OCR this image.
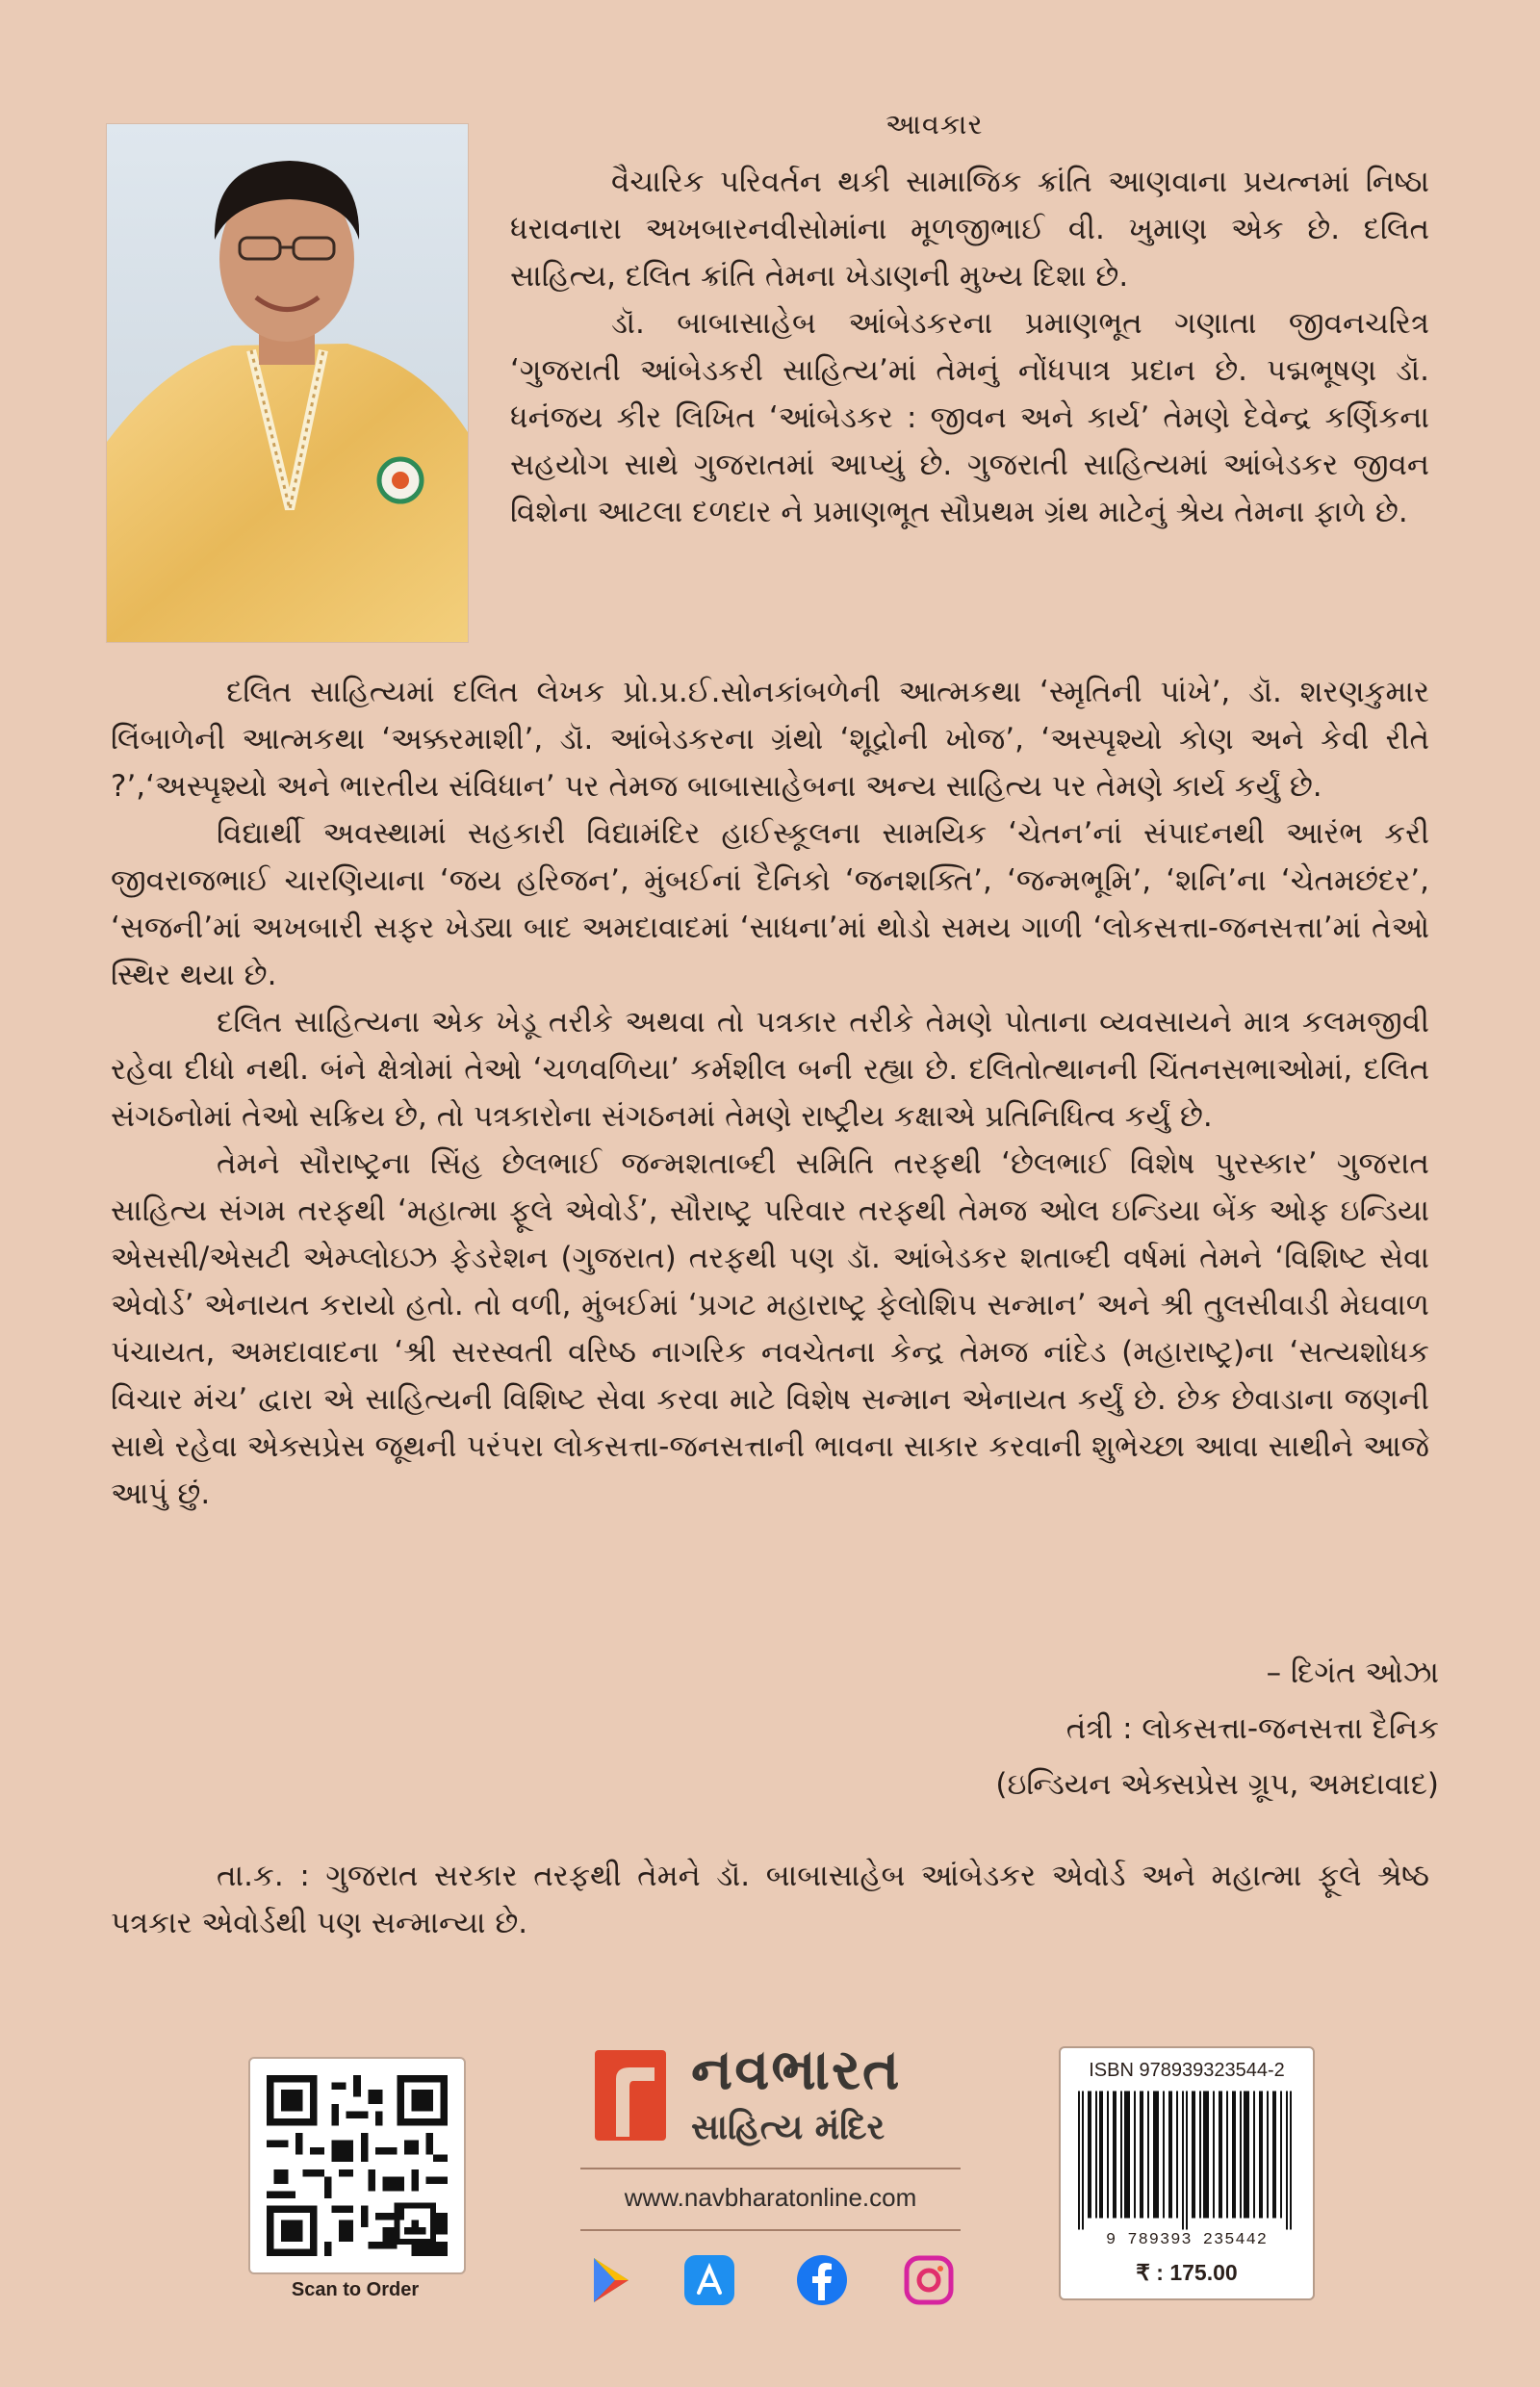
આવકાર

વૈચારિક પરિવર્તન થકી સામાજિક ક્રાંતિ આણવાના પ્રયત્નમાં નિષ્ઠા ધરાવનારા અખબારનવીસોમાંના મૂળજીભાઈ વી. ખુમાણ એક છે. દલિત સાહિત્ય, દલિત ક્રાંતિ તેમના ખેડાણની મુખ્ય દિશા છે.

ડૉ. બાબાસાહેબ આંબેડકરના પ્રમાણભૂત ગણાતા જીવનચરિત્ર ‘ગુજરાતી આંબેડકરી સાહિત્ય’માં તેમનું નોંધપાત્ર પ્રદાન છે. પદ્મભૂષણ ડૉ. ધનંજય કીર લિખિત ‘આંબેડકર : જીવન અને કાર્ય’ તેમણે દેવેન્દ્ર કર્ણિકના સહયોગ સાથે ગુજરાતમાં આપ્યું છે. ગુજરાતી સાહિત્યમાં આંબેડકર જીવન વિશેના આટલા દળદાર ને પ્રમાણભૂત સૌપ્રથમ ગ્રંથ માટેનું શ્રેય તેમના ફાળે છે.

દલિત સાહિત્યમાં દલિત લેખક પ્રો.પ્ર.ઈ.સોનકાંબળેની આત્મકથા ‘સ્મૃતિની પાંખે’, ડૉ. શરણકુમાર લિંબાળેની આત્મકથા ‘અક્કરમાશી’, ડૉ. આંબેડકરના ગ્રંથો ‘શૂદ્રોની ખોજ’, ‘અસ્પૃશ્યો કોણ અને કેવી રીતે ?’,‘અસ્પૃશ્યો અને ભારતીય સંવિધાન’ પર તેમજ બાબાસાહેબના અન્ય સાહિત્ય પર તેમણે કાર્ય કર્યું છે.

વિદ્યાર્થી અવસ્થામાં સહકારી વિદ્યામંદિર હાઈસ્કૂલના સામયિક ‘ચેતન’નાં સંપાદનથી આરંભ કરી જીવરાજભાઈ ચારણિયાના ‘જય હરિજન’, મુંબઈનાં દૈનિકો ‘જનશક્તિ’, ‘જન્મભૂમિ’, ‘શનિ’ના ‘ચેતમછંદર’, ‘સજની’માં અખબારી સફર ખેડ્યા બાદ અમદાવાદમાં ‘સાધના’માં થોડો સમય ગાળી ‘લોકસત્તા-જનસત્તા’માં તેઓ સ્થિર થયા છે.

દલિત સાહિત્યના એક ખેડૂ તરીકે અથવા તો પત્રકાર તરીકે તેમણે પોતાના વ્યવસાયને માત્ર કલમજીવી રહેવા દીધો નથી. બંને ક્ષેત્રોમાં તેઓ ‘ચળવળિયા’ કર્મશીલ બની રહ્યા છે. દલિતોત્થાનની ચિંતનસભાઓમાં, દલિત સંગઠનોમાં તેઓ સક્રિય છે, તો પત્રકારોના સંગઠનમાં તેમણે રાષ્ટ્રીય કક્ષાએ પ્રતિનિધિત્વ કર્યું છે.

તેમને સૌરાષ્ટ્રના સિંહ છેલભાઈ જન્મશતાબ્દી સમિતિ તરફથી ‘છેલભાઈ વિશેષ પુરસ્કાર’ ગુજરાત સાહિત્ય સંગમ તરફથી ‘મહાત્મા ફૂલે એવોર્ડ’, સૌરાષ્ટ્ર પરિવાર તરફથી તેમજ ઓલ ઇન્ડિયા બેંક ઓફ ઇન્ડિયા એસસી/એસટી એમ્પ્લોઇઝ ફેડરેશન (ગુજરાત) તરફથી પણ ડૉ. આંબેડકર શતાબ્દી વર્ષમાં તેમને ‘વિશિષ્ટ સેવા એવોર્ડ’ એનાયત કરાયો હતો. તો વળી, મુંબઈમાં ‘પ્રગટ મહારાષ્ટ્ર ફેલોશિપ સન્માન’ અને શ્રી તુલસીવાડી મેઘવાળ પંચાયત, અમદાવાદના ‘શ્રી સરસ્વતી વરિષ્ઠ નાગરિક નવચેતના કેન્દ્ર તેમજ નાંદેડ (મહારાષ્ટ્ર)ના ‘સત્યશોધક વિચાર મંચ’ દ્વારા એ સાહિત્યની વિશિષ્ટ સેવા કરવા માટે વિશેષ સન્માન એનાયત કર્યું છે. છેક છેવાડાના જણની સાથે રહેવા એક્સપ્રેસ જૂથની પરંપરા લોકસત્તા-જનસત્તાની ભાવના સાકાર કરવાની શુભેચ્છા આવા સાથીને આજે આપું છું.

– દિગંત ઓઝા
તંત્રી : લોકસત્તા-જનસત્તા દૈનિક
(ઇન્ડિયન એક્સપ્રેસ ગ્રૂપ, અમદાવાદ)

તા.ક. : ગુજરાત સરકાર તરફથી તેમને ડૉ. બાબાસાહેબ આંબેડકર એવોર્ડ અને મહાત્મા ફૂલે શ્રેષ્ઠ પત્રકાર એવોર્ડથી પણ સન્માન્યા છે.

Scan to Order
નવભારત
સાહિત્ય મંદિર
www.navbharatonline.com
ISBN 978939323544-2
9 789393 235442
₹ : 175.00
